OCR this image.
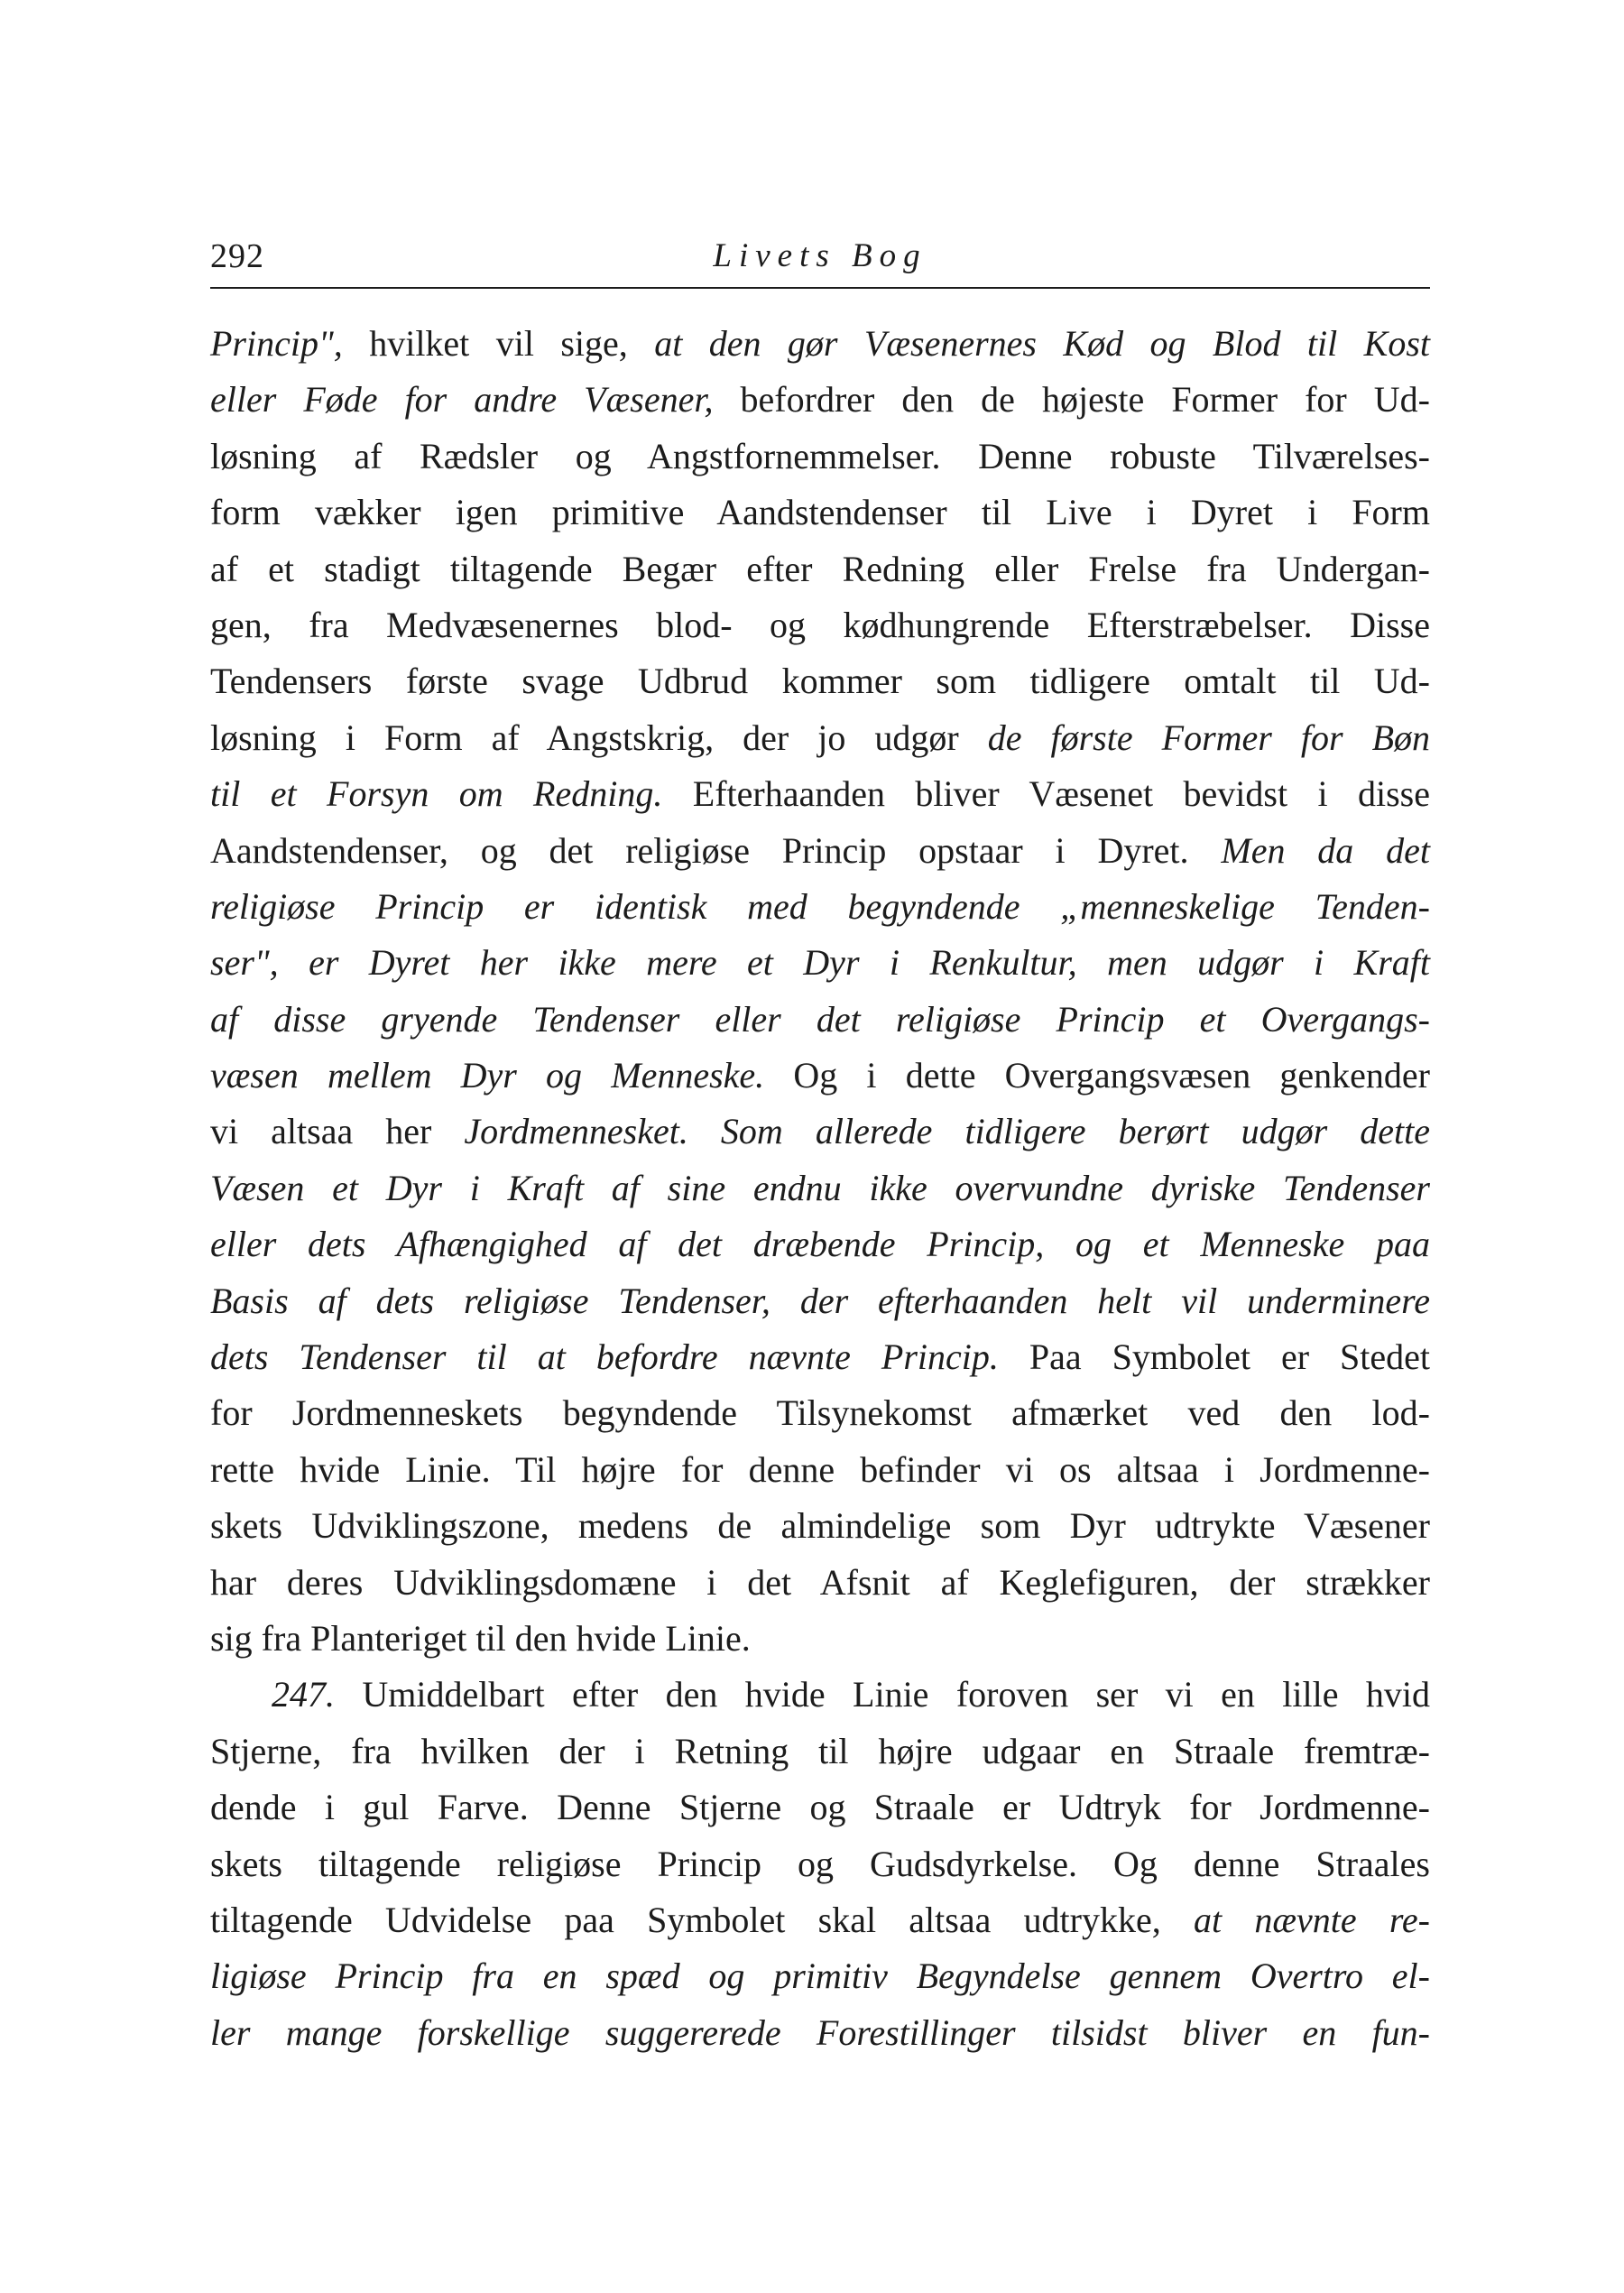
292	Livets Bog
Princip", hvilket vil sige, at den gør Væsenernes Kød og Blod til Kost
eller Føde for andre Væsener, befordrer den de højeste Former for Ud-
løsning af Rædsler og Angstfornemmelser. Denne robuste Tilværelses-
form vækker igen primitive Aandstendenser til Live i Dyret i Form
af et stadigt tiltagende Begær efter Redning eller Frelse fra Undergan-
gen, fra Medvæsenernes blod- og kødhungrende Efterstræbelser. Disse
Tendensers første svage Udbrud kommer som tidligere omtalt til Ud-
løsning i Form af Angstskrig, der jo udgør de første Former for Bøn
til et Forsyn om Redning. Efterhaanden bliver Væsenet bevidst i disse
Aandstendenser, og det religiøse Princip opstaar i Dyret. Men da det
religiøse Princip er identisk med begyndende „menneskelige Tenden-
ser", er Dyret her ikke mere et Dyr i Renkultur, men udgør i Kraft
af disse gryende Tendenser eller det religiøse Princip et Overgangs-
væsen mellem Dyr og Menneske. Og i dette Overgangsvæsen genkender
vi altsaa her Jordmennesket. Som allerede tidligere berørt udgør dette
Væsen et Dyr i Kraft af sine endnu ikke overvundne dyriske Tendenser
eller dets Afhængighed af det dræbende Princip, og et Menneske paa
Basis af dets religiøse Tendenser, der efterhaanden helt vil underminere
dets Tendenser til at befordre nævnte Princip. Paa Symbolet er Stedet
for Jordmenneskets begyndende Tilsynekomst afmærket ved den lod-
rette hvide Linie. Til højre for denne befinder vi os altsaa i Jordmenne-
skets Udviklingszone, medens de almindelige som Dyr udtrykte Væsener
har deres Udviklingsdomæne i det Afsnit af Keglefiguren, der strækker
sig fra Planteriget til den hvide Linie.
247. Umiddelbart efter den hvide Linie foroven ser vi en lille hvid
Stjerne, fra hvilken der i Retning til højre udgaar en Straale fremtræ-
dende i gul Farve. Denne Stjerne og Straale er Udtryk for Jordmenne-
skets tiltagende religiøse Princip og Gudsdyrkelse. Og denne Straales
tiltagende Udvidelse paa Symbolet skal altsaa udtrykke, at nævnte re-
ligiøse Princip fra en spæd og primitiv Begyndelse gennem Overtro el-
ler mange forskellige suggererede Forestillinger tilsidst bliver en fun-
